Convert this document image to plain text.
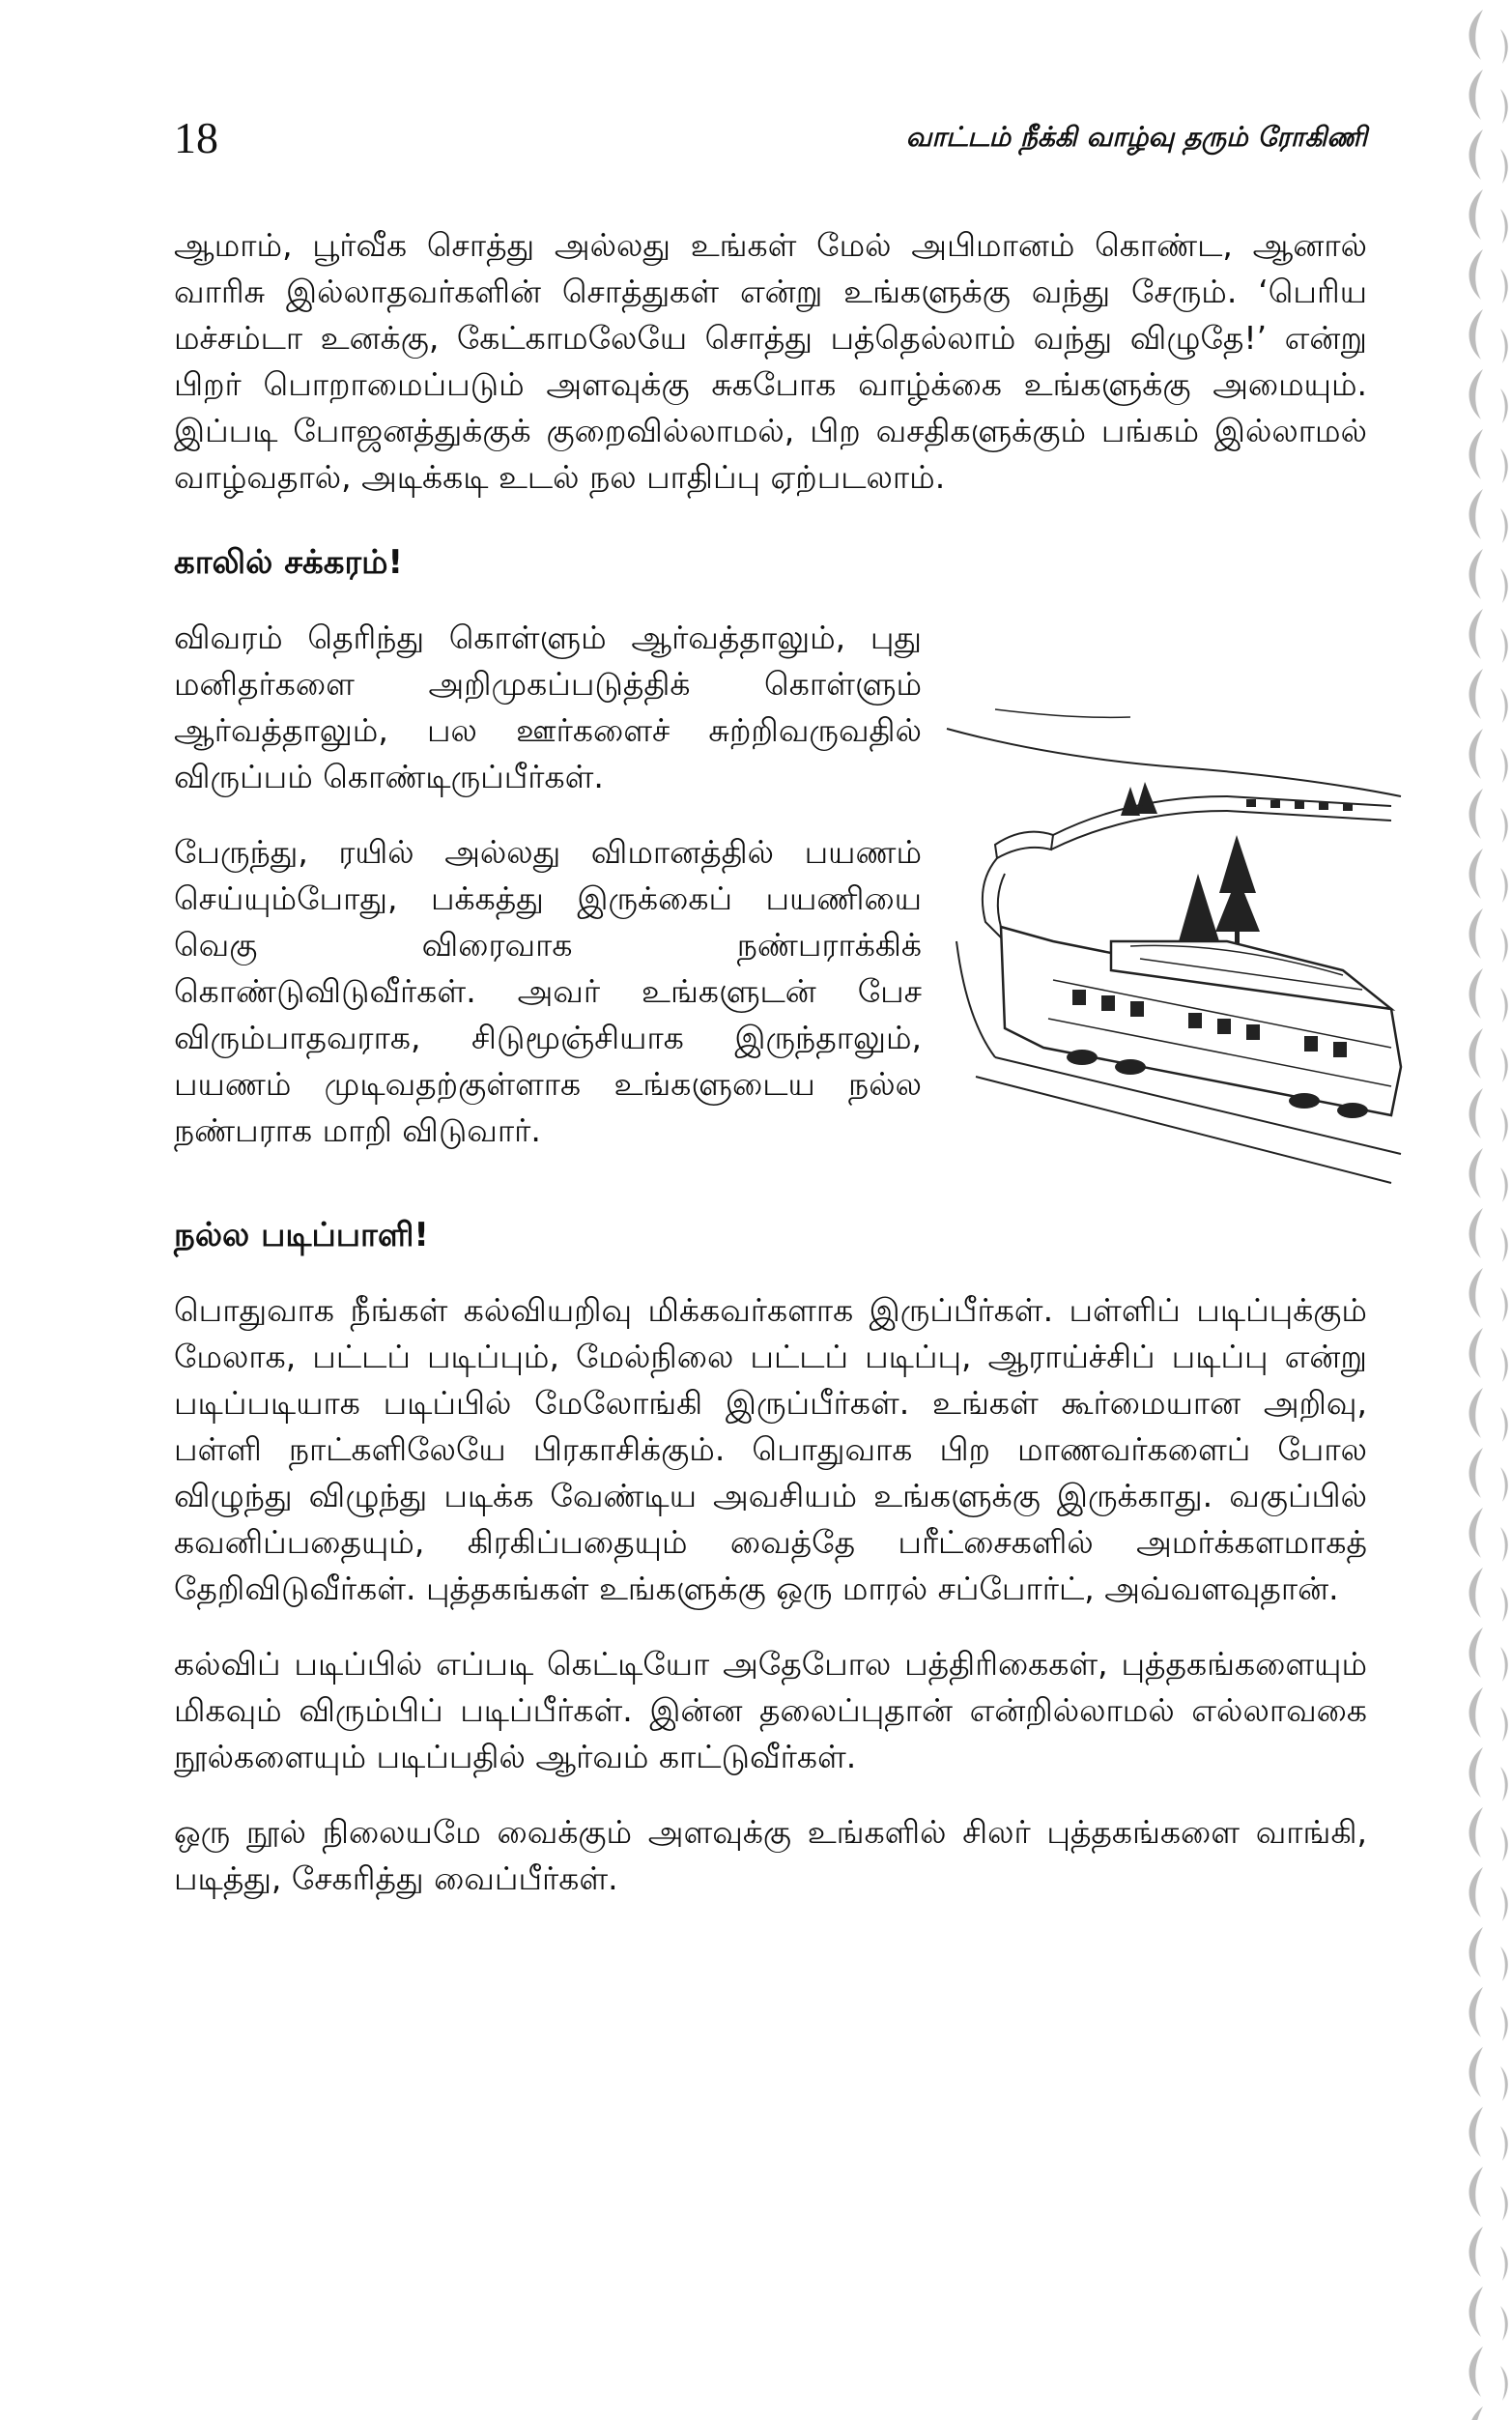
18	வாட்டம் நீக்கி வாழ்வு தரும் ரோகிணி

ஆமாம், பூர்வீக சொத்து அல்லது உங்கள் மேல் அபிமானம் கொண்ட, ஆனால் வாரிசு இல்லாதவர்களின் சொத்துகள் என்று உங்களுக்கு வந்து சேரும். ‘பெரிய மச்சம்டா உனக்கு, கேட்காமலேயே சொத்து பத்தெல்லாம் வந்து விழுதே!’ என்று பிறர் பொறாமைப்படும் அளவுக்கு சுகபோக வாழ்க்கை உங்களுக்கு அமையும். இப்படி போஜனத்துக்குக் குறைவில்லாமல், பிற வசதிகளுக்கும் பங்கம் இல்லாமல் வாழ்வதால், அடிக்கடி உடல் நல பாதிப்பு ஏற்படலாம்.

காலில் சக்கரம்!

விவரம் தெரிந்து கொள்ளும் ஆர்வத்தாலும், புது மனிதர்களை அறிமுகப்படுத்திக் கொள்ளும் ஆர்வத்தாலும், பல ஊர்களைச் சுற்றிவருவதில் விருப்பம் கொண்டிருப்பீர்கள்.

பேருந்து, ரயில் அல்லது விமானத்தில் பயணம் செய்யும்போது, பக்கத்து இருக்கைப் பயணியை வெகு விரைவாக நண்பராக்கிக் கொண்டுவிடுவீர்கள். அவர் உங்களுடன் பேச விரும்பாதவராக, சிடுமூஞ்சியாக இருந்தாலும், பயணம் முடிவதற்குள்ளாக உங்களுடைய நல்ல நண்பராக மாறி விடுவார்.

நல்ல படிப்பாளி!

பொதுவாக நீங்கள் கல்வியறிவு மிக்கவர்களாக இருப்பீர்கள். பள்ளிப் படிப்புக்கும் மேலாக, பட்டப் படிப்பும், மேல்நிலை பட்டப் படிப்பு, ஆராய்ச்சிப் படிப்பு என்று படிப்படியாக படிப்பில் மேலோங்கி இருப்பீர்கள். உங்கள் கூர்மையான அறிவு, பள்ளி நாட்களிலேயே பிரகாசிக்கும். பொதுவாக பிற மாணவர்களைப் போல விழுந்து விழுந்து படிக்க வேண்டிய அவசியம் உங்களுக்கு இருக்காது. வகுப்பில் கவனிப்பதையும், கிரகிப்பதையும் வைத்தே பரீட்சைகளில் அமர்க்களமாகத் தேறிவிடுவீர்கள். புத்தகங்கள் உங்களுக்கு ஒரு மாரல் சப்போர்ட், அவ்வளவுதான்.

கல்விப் படிப்பில் எப்படி கெட்டியோ அதேபோல பத்திரிகைகள், புத்தகங்களையும் மிகவும் விரும்பிப் படிப்பீர்கள். இன்ன தலைப்புதான் என்றில்லாமல் எல்லாவகை நூல்களையும் படிப்பதில் ஆர்வம் காட்டுவீர்கள்.

ஒரு நூல் நிலையமே வைக்கும் அளவுக்கு உங்களில் சிலர் புத்தகங்களை வாங்கி, படித்து, சேகரித்து வைப்பீர்கள்.
